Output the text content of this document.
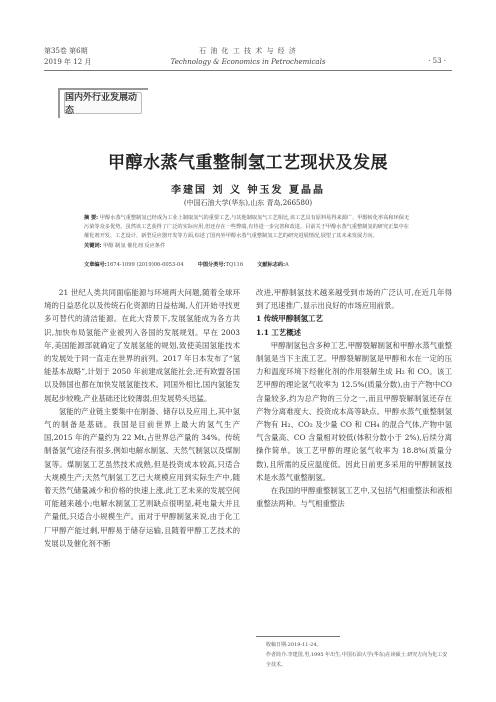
第35卷 第6期
2019 年 12 月
石 油 化 工 技 术 与 经 济
Technology & Economics in Petrochemicals	· 53 ·
国内外行业发展动态
甲醇水蒸气重整制氢工艺现状及发展
李建国 刘 义 钟玉发 夏晶晶
(中国石油大学(华东),山东 青岛,266580)
摘 要: 甲醇水蒸气重整制氢已经成为工业上制取氢气的重要工艺,与其他制取氢气工艺相比,该工艺具有原料易得来源广、甲醇转化率高和环保无污染等众多优势。虽然该工艺获得了广泛的实际应用,但还存在一些弊端,有待进一步完善和改进。目前关于甲醇水蒸气重整制氢的研究正集中在催化剂开发、工艺设计、新型反应器开发等方面,综述了国内外甲醇水蒸气重整制氢工艺的研究进展情况,展望了其未来发展方向。
关键词: 甲醇 制氢 催化剂 反应条件
文章编号:1674-1099 (2019)06-0053-04	中图分类号:TQ116	文献标志码:A

21 世纪人类共同面临能源与环境两大问题,随着全球环境的日益恶化以及传统石化资源的日益枯竭,人们开始寻找更多可替代的清洁能源。在此大背景下,发展氢能成为各方共识,加快布局氢能产业被列入各国的发展规划。早在 2003 年,美国能源部就确定了发展氢能的规划,致使美国氢能技术的发展处于同一直走在世界的前列。2017 年日本发布了“氢能基本战略”,计划于 2050 年前建成氢能社会,还有欧盟各国以及韩国也都在加快发展氢能技术。同国外相比,国内氢能发展起步较晚,产业基础还比较薄弱,但发展势头迅猛。

氢能的产业链主要集中在制备、储存以及应用上,其中氢气的制备是基础。我国是目前世界上最大的氢气生产国,2015 年的产量约为 22 Mt,占世界总产量的 34%。传统制备氢气途径有很多,例如电解水制氢、天然气制氢以及煤制氢等。煤制氢工艺虽然技术成熟,但是投资成本较高,只适合大规模生产;天然气制氢工艺已大规模应用到实际生产中,随着天然气储量减少和价格的快速上涨,此工艺未来的发展空间可能越来越小;电解水制氢工艺则缺点很明显,耗电量大并且产量低,只适合小规模生产。而对于甲醇制氢来说,由于化工厂甲醇产能过剩,甲醇易于储存运输,且随着甲醇工艺技术的发展以及催化剂不断

改进,甲醇制氢技术越来越受到市场的广泛认可,在近几年得到了迅速推广,显示出良好的市场应用前景。

1 传统甲醇制氢工艺

1.1 工艺概述

甲醇制氢包含多种工艺,甲醇裂解制氢和甲醇水蒸气重整制氢是当下主流工艺。甲醇裂解制氢是甲醇和水在一定的压力和温度环境下经催化剂的作用裂解生成 H₂ 和 CO。该工艺甲醇的理论氢气收率为 12.5%(质量分数),由于产物中CO 含量较多,约为总产物的三分之一,而且甲醇裂解制氢还存在产物分离难度大、投资成本高等缺点。甲醇水蒸气重整制氢产物有 H₂、CO₂ 及少量 CO 和 CH₄ 的混合气体,产物中氢气含量高、CO 含量相对较低(体积分数小于 2%),后续分离操作简单。该工艺甲醇的理论氢气收率为 18.8%(质量分数),且所需的反应温度低。因此日前更多采用的甲醇制氢技术是水蒸气重整制氢。

在我国的甲醇重整制氢工艺中,又包括气相重整法和液相重整法两种。与气相重整法

收稿日期:2019-11-24。
作者简介:李建国,男,1995 年出生,中国石油大学(华东)在读硕士,研究方向为化工安全技术。
